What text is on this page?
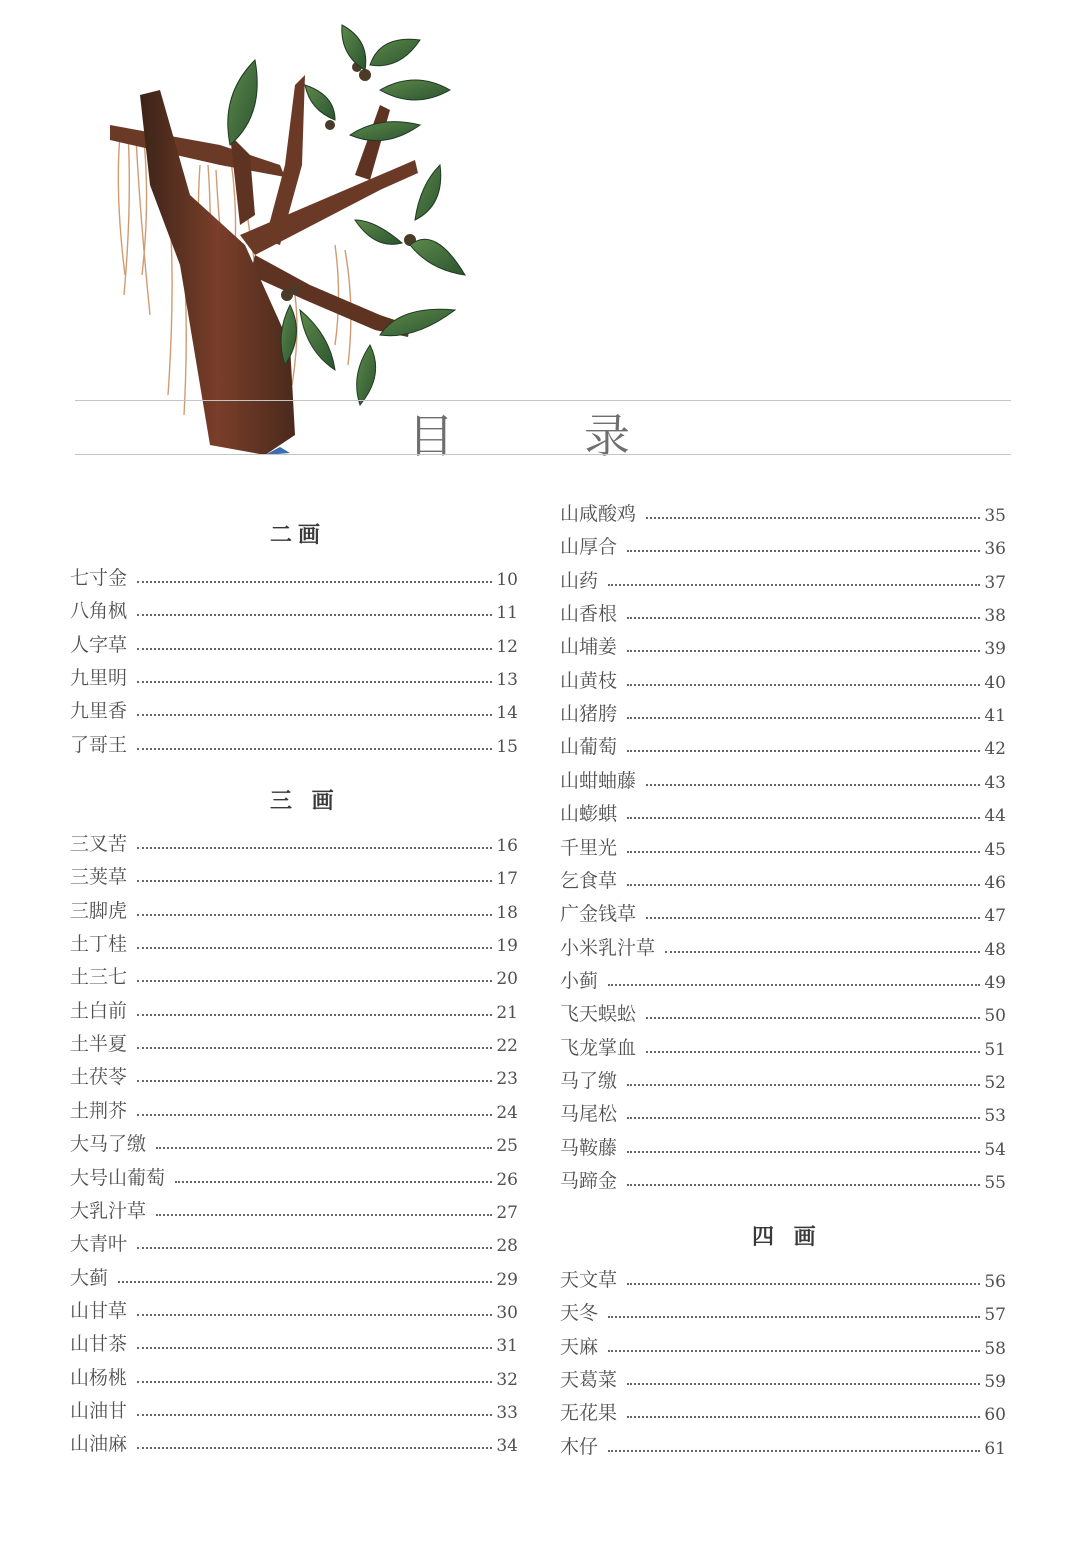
目　录
二画
七寸金	10
八角枫	11
人字草	12
九里明	13
九里香	14
了哥王	15
三 画
三叉苦	16
三荚草	17
三脚虎	18
土丁桂	19
土三七	20
土白前	21
土半夏	22
土茯苓	23
土荆芥	24
大马了缴	25
大号山葡萄	26
大乳汁草	27
大青叶	28
大蓟	29
山甘草	30
山甘茶	31
山杨桃	32
山油甘	33
山油麻	34
山咸酸鸡	35
山厚合	36
山药	37
山香根	38
山埔姜	39
山黄枝	40
山猪胯	41
山葡萄	42
山蚶蚰藤	43
山蟛蜞	44
千里光	45
乞食草	46
广金钱草	47
小米乳汁草	48
小蓟	49
飞天蜈蚣	50
飞龙掌血	51
马了缴	52
马尾松	53
马鞍藤	54
马蹄金	55
四 画
天文草	56
天冬	57
天麻	58
天葛菜	59
无花果	60
木仔	61
